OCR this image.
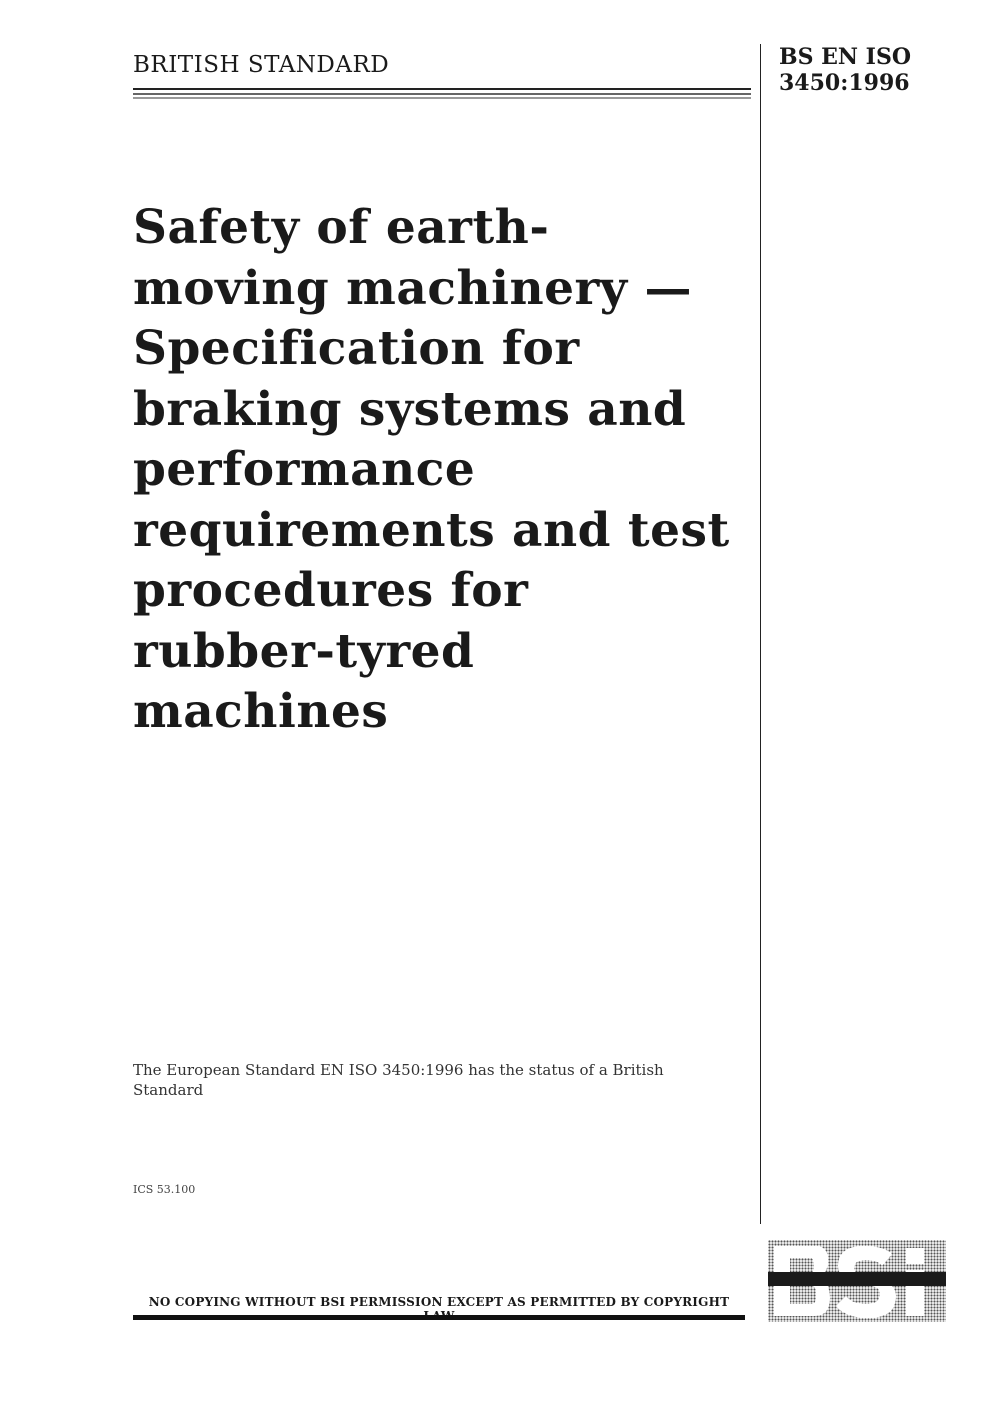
BRITISH STANDARD	BS EN ISO
3450:1996
Safety of earth-moving machinery — Specification for braking systems and performance requirements and test procedures for rubber-tyred machines
The European Standard EN ISO 3450:1996 has the status of a British Standard
ICS 53.100
NO COPYING WITHOUT BSI PERMISSION EXCEPT AS PERMITTED BY COPYRIGHT
